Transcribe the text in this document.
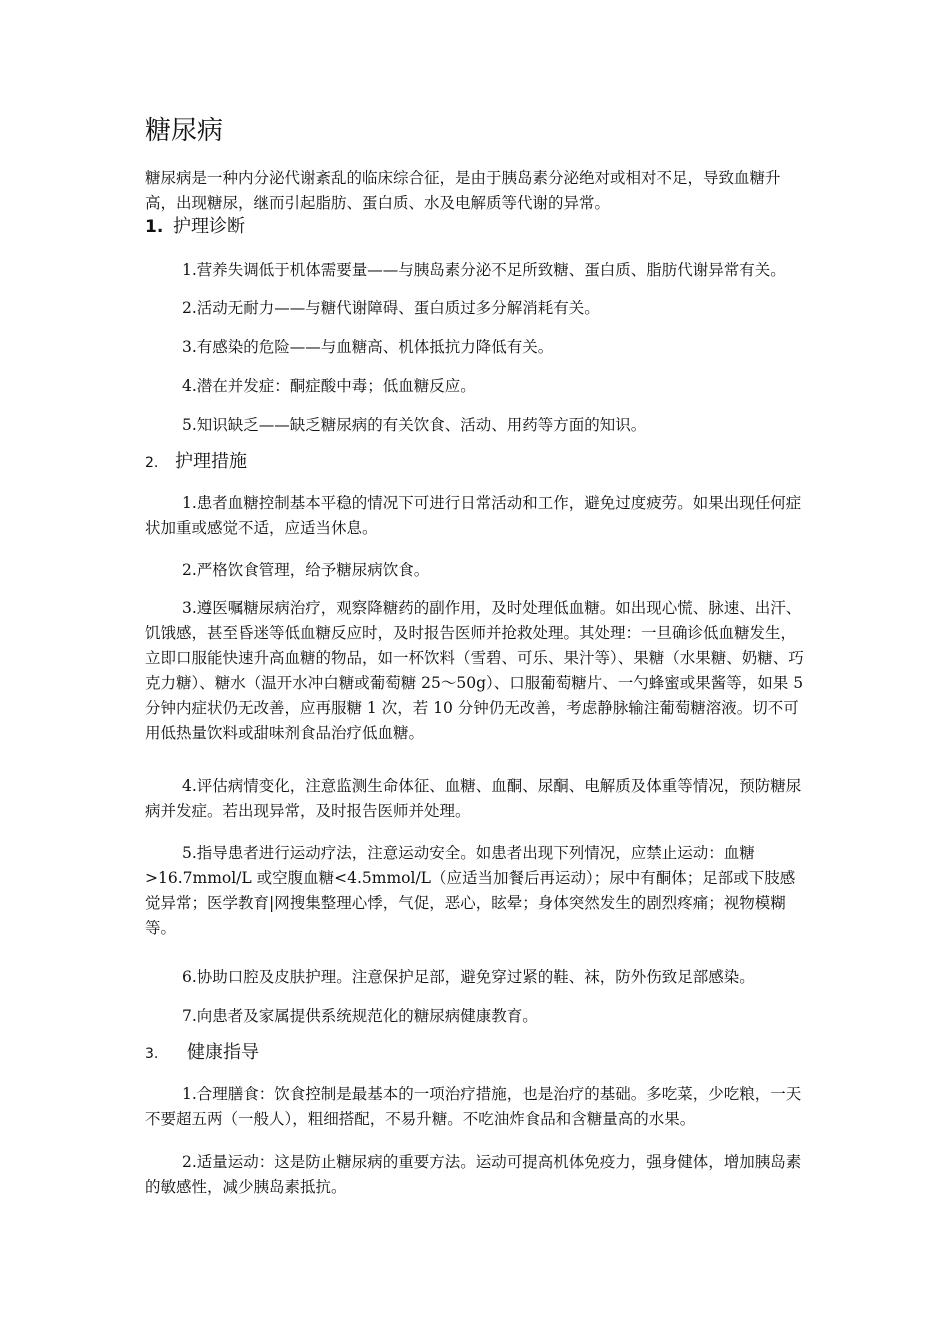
糖尿病

糖尿病是一种内分泌代谢紊乱的临床综合征，是由于胰岛素分泌绝对或相对不足，导致血糖升高，出现糖尿，继而引起脂肪、蛋白质、水及电解质等代谢的异常。

1. 护理诊断

1.营养失调低于机体需要量——与胰岛素分泌不足所致糖、蛋白质、脂肪代谢异常有关。

2.活动无耐力——与糖代谢障碍、蛋白质过多分解消耗有关。

3.有感染的危险——与血糖高、机体抵抗力降低有关。

4.潜在并发症：酮症酸中毒；低血糖反应。

5.知识缺乏——缺乏糖尿病的有关饮食、活动、用药等方面的知识。

2. 护理措施

1.患者血糖控制基本平稳的情况下可进行日常活动和工作，避免过度疲劳。如果出现任何症状加重或感觉不适，应适当休息。

2.严格饮食管理，给予糖尿病饮食。

3.遵医嘱糖尿病治疗，观察降糖药的副作用，及时处理低血糖。如出现心慌、脉速、出汗、饥饿感，甚至昏迷等低血糖反应时，及时报告医师并抢救处理。其处理：一旦确诊低血糖发生，立即口服能快速升高血糖的物品，如一杯饮料（雪碧、可乐、果汁等）、果糖（水果糖、奶糖、巧克力糖）、糖水（温开水冲白糖或葡萄糖 25～50g）、口服葡萄糖片、一勺蜂蜜或果酱等，如果 5 分钟内症状仍无改善，应再服糖 1 次，若 10 分钟仍无改善，考虑静脉输注葡萄糖溶液。切不可用低热量饮料或甜味剂食品治疗低血糖。

4.评估病情变化，注意监测生命体征、血糖、血酮、尿酮、电解质及体重等情况，预防糖尿病并发症。若出现异常，及时报告医师并处理。

5.指导患者进行运动疗法，注意运动安全。如患者出现下列情况，应禁止运动：血糖>16.7mmol/L 或空腹血糖<4.5mmol/L（应适当加餐后再运动）；尿中有酮体；足部或下肢感觉异常；医学教育|网搜集整理心悸，气促，恶心，眩晕；身体突然发生的剧烈疼痛；视物模糊等。

6.协助口腔及皮肤护理。注意保护足部，避免穿过紧的鞋、袜，防外伤致足部感染。

7.向患者及家属提供系统规范化的糖尿病健康教育。

3. 健康指导

1.合理膳食：饮食控制是最基本的一项治疗措施，也是治疗的基础。多吃菜，少吃粮，一天不要超五两（一般人），粗细搭配，不易升糖。不吃油炸食品和含糖量高的水果。

2.适量运动：这是防止糖尿病的重要方法。运动可提高机体免疫力，强身健体，增加胰岛素的敏感性，减少胰岛素抵抗。
